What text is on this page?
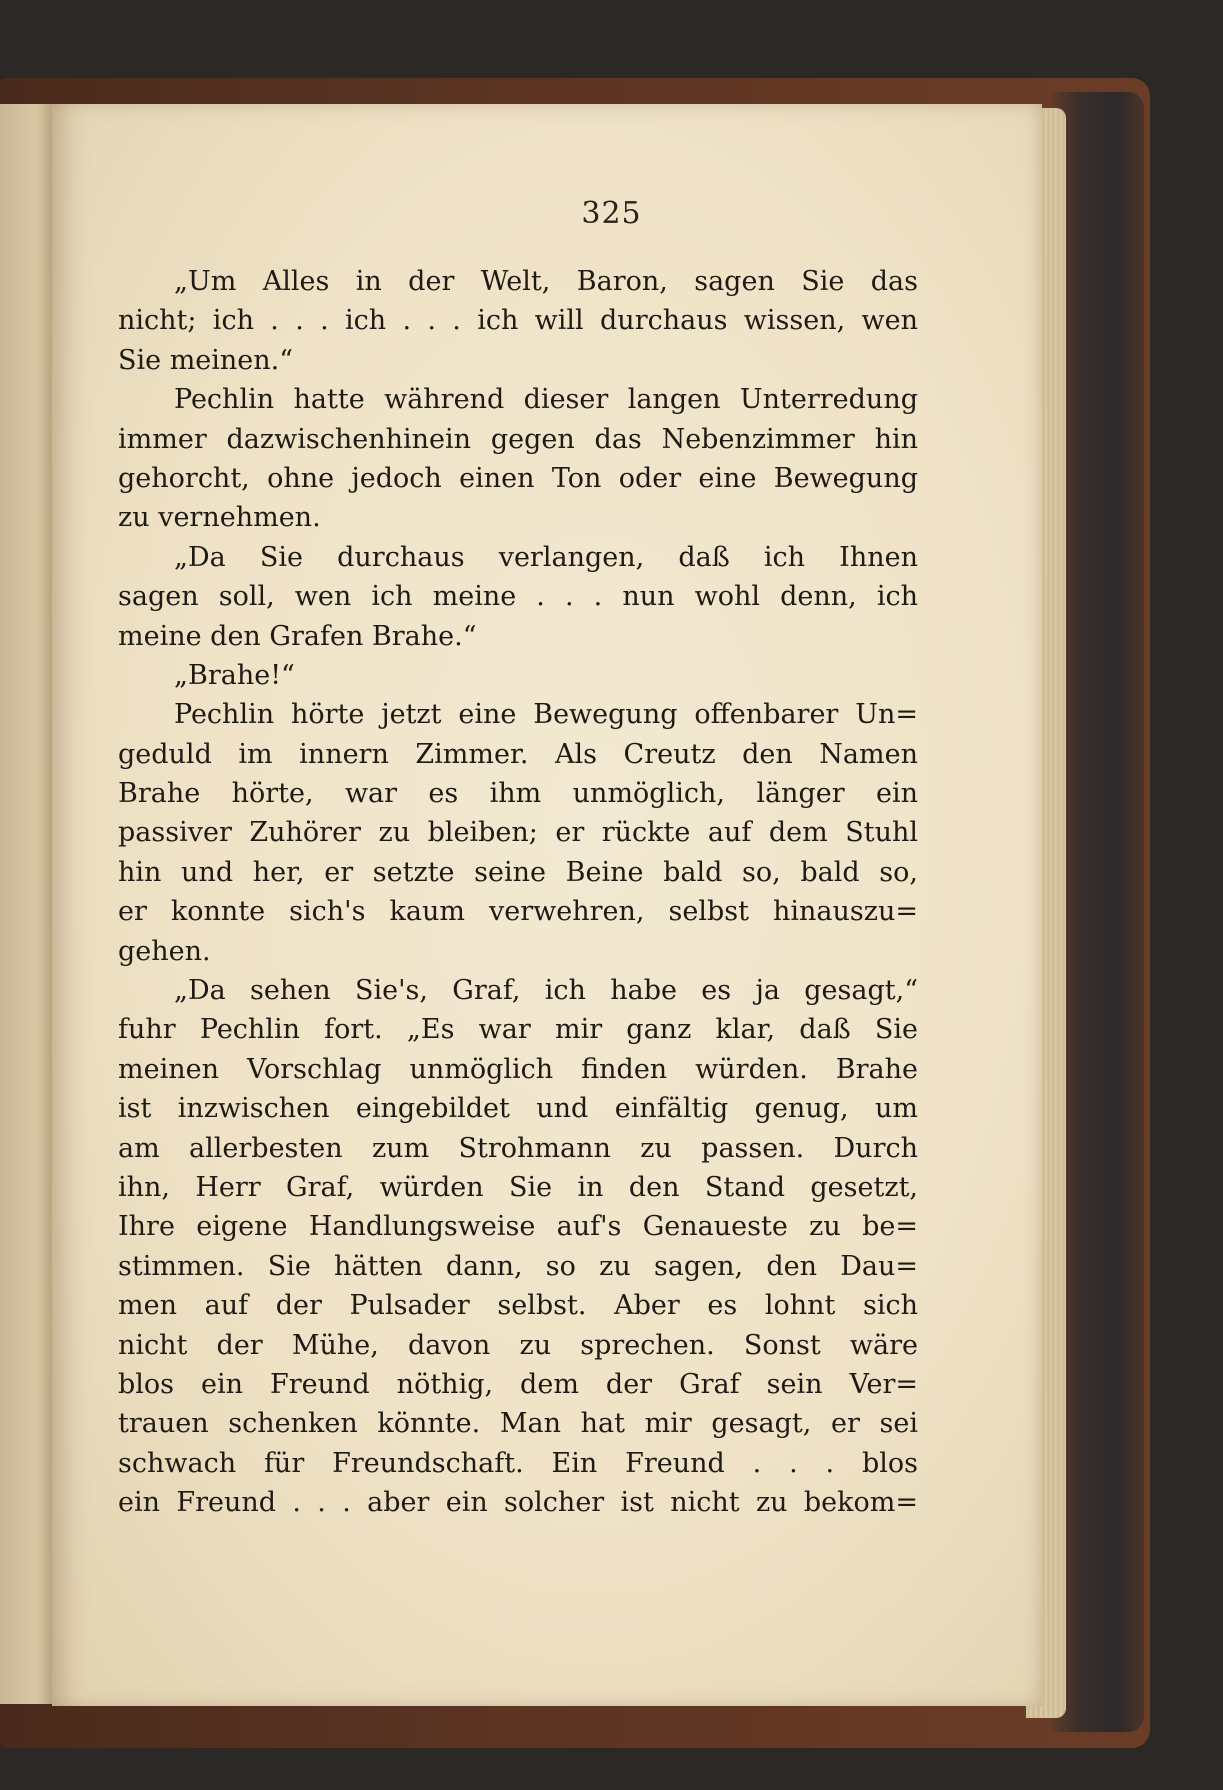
325
„Um Alles in der Welt, Baron, sagen Sie das
nicht; ich . . . ich . . . ich will durchaus wissen, wen
Sie meinen.“
Pechlin hatte während dieser langen Unterredung
immer dazwischenhinein gegen das Nebenzimmer hin
gehorcht, ohne jedoch einen Ton oder eine Bewegung
zu vernehmen.
„Da Sie durchaus verlangen, daß ich Ihnen
sagen soll, wen ich meine . . . nun wohl denn, ich
meine den Grafen Brahe.“
„Brahe!“
Pechlin hörte jetzt eine Bewegung offenbarer Un=
geduld im innern Zimmer. Als Creutz den Namen
Brahe hörte, war es ihm unmöglich, länger ein
passiver Zuhörer zu bleiben; er rückte auf dem Stuhl
hin und her, er setzte seine Beine bald so, bald so,
er konnte sich's kaum verwehren, selbst hinauszu=
gehen.
„Da sehen Sie's, Graf, ich habe es ja gesagt,“
fuhr Pechlin fort. „Es war mir ganz klar, daß Sie
meinen Vorschlag unmöglich finden würden. Brahe
ist inzwischen eingebildet und einfältig genug, um
am allerbesten zum Strohmann zu passen. Durch
ihn, Herr Graf, würden Sie in den Stand gesetzt,
Ihre eigene Handlungsweise auf's Genaueste zu be=
stimmen. Sie hätten dann, so zu sagen, den Dau=
men auf der Pulsader selbst. Aber es lohnt sich
nicht der Mühe, davon zu sprechen. Sonst wäre
blos ein Freund nöthig, dem der Graf sein Ver=
trauen schenken könnte. Man hat mir gesagt, er sei
schwach für Freundschaft. Ein Freund . . . blos
ein Freund . . . aber ein solcher ist nicht zu bekom=
